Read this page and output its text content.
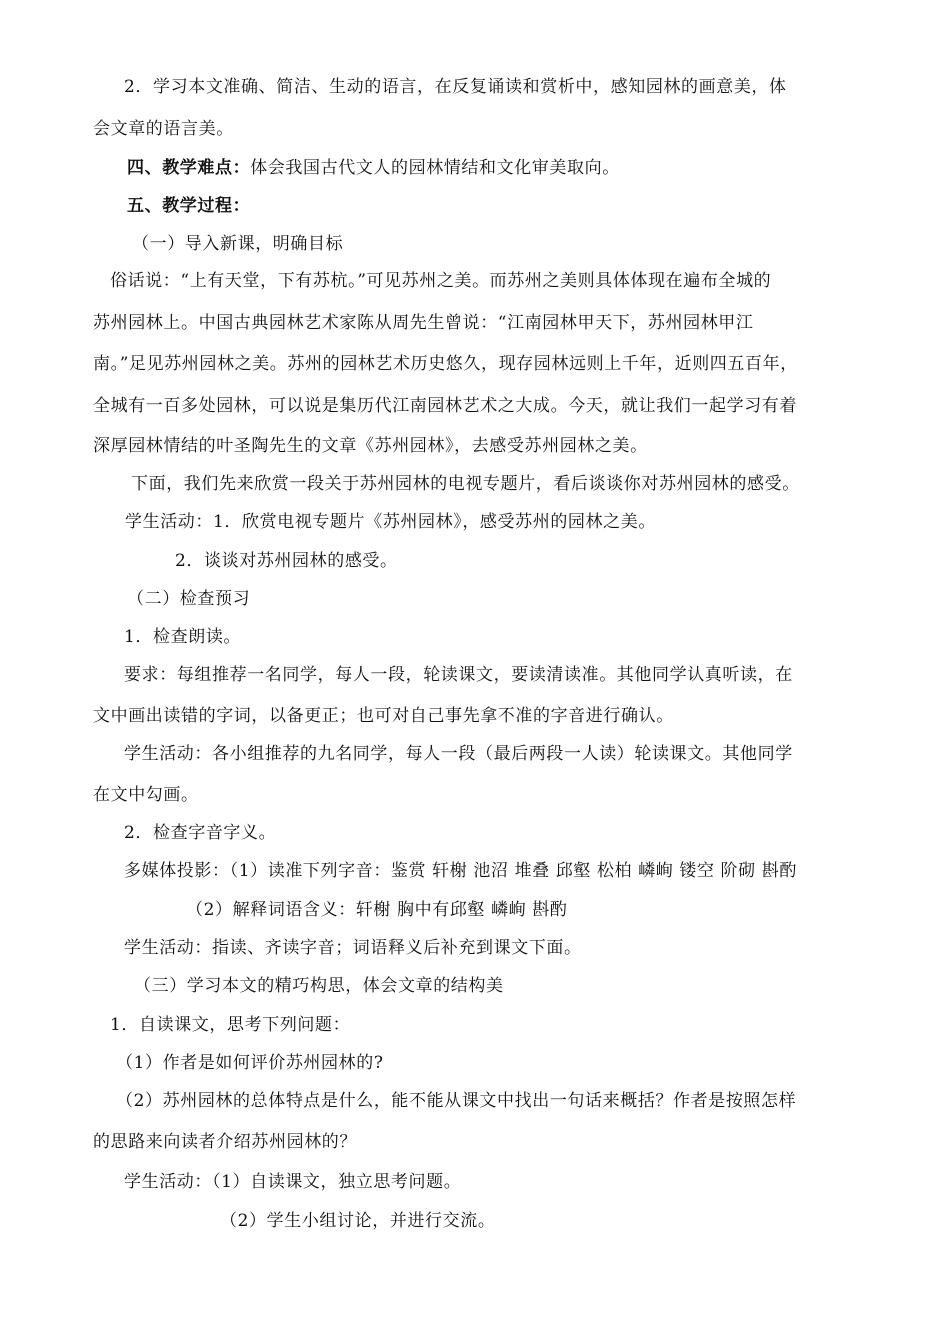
2．学习本文准确、简洁、生动的语言，在反复诵读和赏析中，感知园林的画意美，体
会文章的语言美。
四、教学难点：体会我国古代文人的园林情结和文化审美取向。
五、教学过程：
（一）导入新课，明确目标
俗话说：“上有天堂，下有苏杭。”可见苏州之美。而苏州之美则具体体现在遍布全城的
苏州园林上。中国古典园林艺术家陈从周先生曾说：“江南园林甲天下，苏州园林甲江
南。”足见苏州园林之美。苏州的园林艺术历史悠久，现存园林远则上千年，近则四五百年，
全城有一百多处园林，可以说是集历代江南园林艺术之大成。今天，就让我们一起学习有着
深厚园林情结的叶圣陶先生的文章《苏州园林》，去感受苏州园林之美。
下面，我们先来欣赏一段关于苏州园林的电视专题片，看后谈谈你对苏州园林的感受。
学生活动：1．欣赏电视专题片《苏州园林》，感受苏州的园林之美。
2．谈谈对苏州园林的感受。
（二）检查预习
1．检查朗读。
要求：每组推荐一名同学，每人一段，轮读课文，要读清读准。其他同学认真听读，在
文中画出读错的字词，以备更正；也可对自己事先拿不准的字音进行确认。
学生活动：各小组推荐的九名同学，每人一段（最后两段一人读）轮读课文。其他同学
在文中勾画。
2．检查字音字义。
多媒体投影：（1）读准下列字音：鉴赏 轩榭 池沼 堆叠 邱壑 松柏 嶙峋 镂空 阶砌 斟酌
（2）解释词语含义：轩榭 胸中有邱壑 嶙峋 斟酌
学生活动：指读、齐读字音；词语释义后补充到课文下面。
（三）学习本文的精巧构思，体会文章的结构美
1．自读课文，思考下列问题：
（1）作者是如何评价苏州园林的?
（2）苏州园林的总体特点是什么，能不能从课文中找出一句话来概括？作者是按照怎样
的思路来向读者介绍苏州园林的？
学生活动：（1）自读课文，独立思考问题。
（2）学生小组讨论，并进行交流。
